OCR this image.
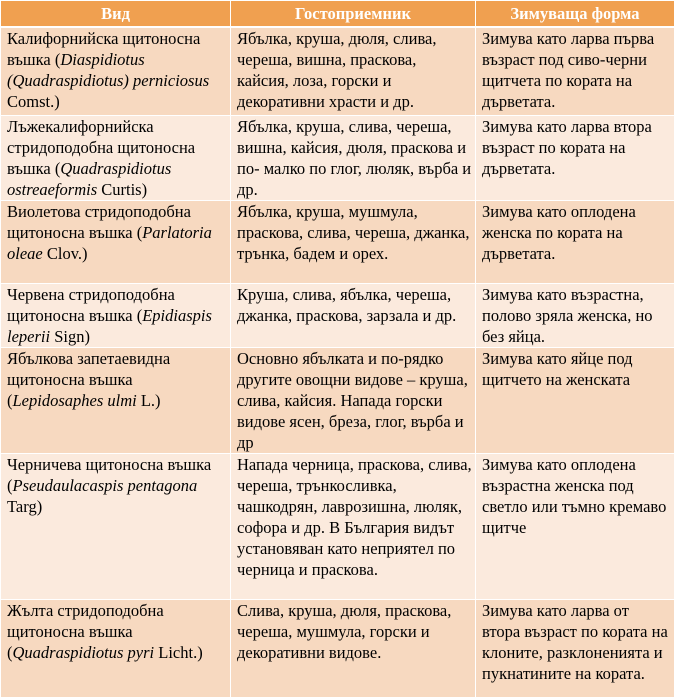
Вид	Гостоприемник	Зимуваща форма
Калифорнийска щитоносна въшка (Diaspidiotus (Quadraspidiotus) perniciosus Comst.)	Ябълка, круша, дюля, слива, череша, вишна, праскова, кайсия, лоза, горски и декоративни храсти и др.	Зимува като ларва първа възраст под сиво-черни щитчета по кората на дърветата.
Лъжекалифорнийска стридоподобна щитоносна въшка (Quadraspidiotus ostreaeformis Curtis)	Ябълка, круша, слива, череша, вишна, кайсия, дюля, праскова и по- малко по глог, люляк, върба и др.	Зимува като ларва втора възраст по кората на дърветата.
Виолетова стридоподобна щитоносна въшка (Parlatoria oleae Clov.)	Ябълка, круша, мушмула, праскова, слива, череша, джанка, трънка, бадем и орех.	Зимува като оплодена женска по кората на дърветата.
Червена стридоподобна щитоносна въшка (Epidiaspis leperii Sign)	Круша, слива, ябълка, череша, джанка, праскова, зарзала и др.	Зимува като възрастна, полово зряла женска, но без яйца.
Ябълкова запетаевидна щитоносна въшка (Lepidosaphes ulmi L.)	Основно ябълката и по-рядко другите овощни видове – круша, слива, кайсия. Напада горски видове ясен, бреза, глог, върба и др	Зимува като яйце под щитчето на женската
Черничева щитоносна въшка (Pseudaulacaspis pentagona Targ)	Напада черница, праскова, слива, череша, трънкосливка, чашкодрян, лаврозишна, люляк, софора и др. В България видът установяван като неприятел по черница и праскова.	Зимува като оплодена възрастна женска под светло или тъмно кремаво щитче
Жълта стридоподобна щитоносна въшка (Quadraspidiotus pyri Licht.)	Слива, круша, дюля, праскова, череша, мушмула, горски и декоративни видове.	Зимува като ларва от втора възраст по кората на клоните, разклоненията и пукнатините на кората.
